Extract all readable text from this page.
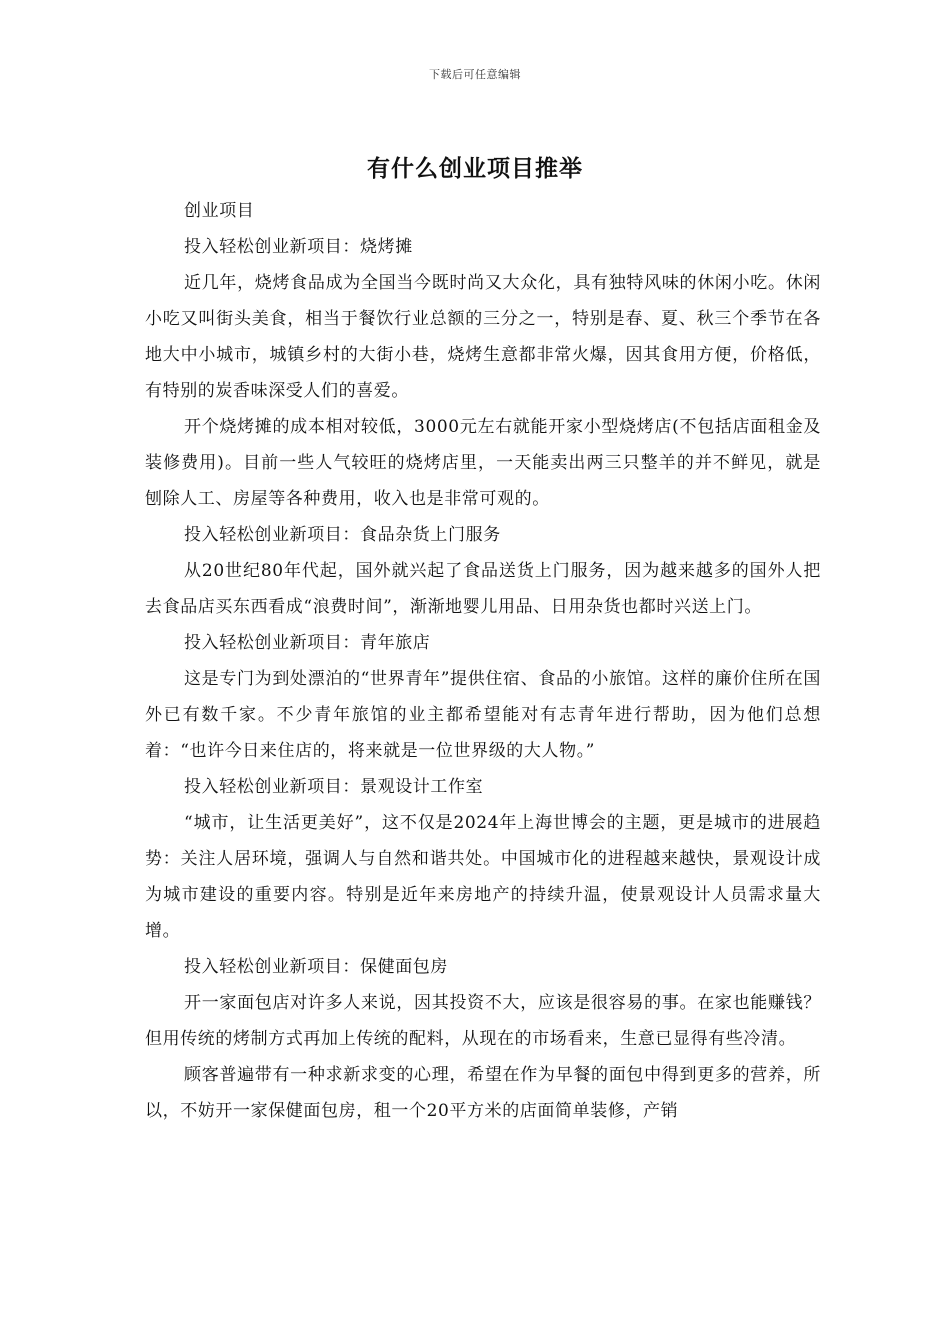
下载后可任意编辑
有什么创业项目推举

创业项目

投入轻松创业新项目：烧烤摊

近几年，烧烤食品成为全国当今既时尚又大众化，具有独特风味的休闲小吃。休闲小吃又叫街头美食，相当于餐饮行业总额的三分之一，特别是春、夏、秋三个季节在各地大中小城市，城镇乡村的大街小巷，烧烤生意都非常火爆，因其食用方便，价格低，有特别的炭香味深受人们的喜爱。

开个烧烤摊的成本相对较低，3000元左右就能开家小型烧烤店(不包括店面租金及装修费用)。目前一些人气较旺的烧烤店里，一天能卖出两三只整羊的并不鲜见，就是刨除人工、房屋等各种费用，收入也是非常可观的。

投入轻松创业新项目：食品杂货上门服务

从20世纪80年代起，国外就兴起了食品送货上门服务，因为越来越多的国外人把去食品店买东西看成“浪费时间”，渐渐地婴儿用品、日用杂货也都时兴送上门。

投入轻松创业新项目：青年旅店

这是专门为到处漂泊的“世界青年”提供住宿、食品的小旅馆。这样的廉价住所在国外已有数千家。不少青年旅馆的业主都希望能对有志青年进行帮助，因为他们总想着：“也许今日来住店的，将来就是一位世界级的大人物。”

投入轻松创业新项目：景观设计工作室

“城市，让生活更美好”，这不仅是2024年上海世博会的主题，更是城市的进展趋势：关注人居环境，强调人与自然和谐共处。中国城市化的进程越来越快，景观设计成为城市建设的重要内容。特别是近年来房地产的持续升温，使景观设计人员需求量大增。

投入轻松创业新项目：保健面包房

开一家面包店对许多人来说，因其投资不大，应该是很容易的事。在家也能赚钱？但用传统的烤制方式再加上传统的配料，从现在的市场看来，生意已显得有些冷清。

顾客普遍带有一种求新求变的心理，希望在作为早餐的面包中得到更多的营养，所以，不妨开一家保健面包房，租一个20平方米的店面简单装修，产销
